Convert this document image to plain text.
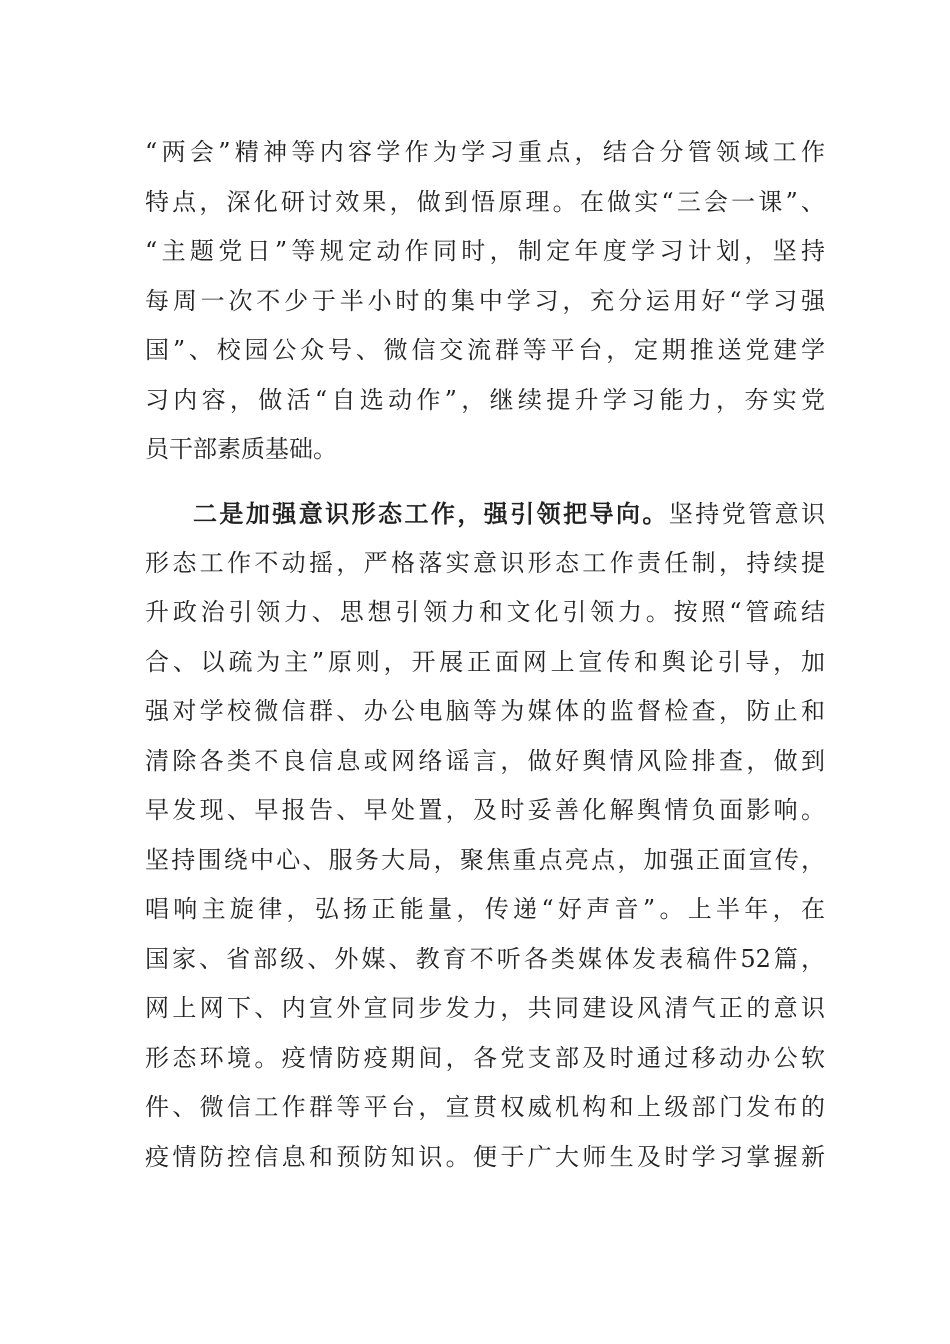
“两会”精神等内容学作为学习重点，结合分管领域工作
特点，深化研讨效果，做到悟原理。在做实“三会一课”、
“主题党日”等规定动作同时，制定年度学习计划，坚持
每周一次不少于半小时的集中学习，充分运用好“学习强
国”、校园公众号、微信交流群等平台，定期推送党建学
习内容，做活“自选动作”，继续提升学习能力，夯实党
员干部素质基础。
二是加强意识形态工作，强引领把导向。坚持党管意识
形态工作不动摇，严格落实意识形态工作责任制，持续提
升政治引领力、思想引领力和文化引领力。按照“管疏结
合、以疏为主”原则，开展正面网上宣传和舆论引导，加
强对学校微信群、办公电脑等为媒体的监督检查，防止和
清除各类不良信息或网络谣言，做好舆情风险排查，做到
早发现、早报告、早处置，及时妥善化解舆情负面影响。
坚持围绕中心、服务大局，聚焦重点亮点，加强正面宣传，
唱响主旋律，弘扬正能量，传递“好声音”。上半年，在
国家、省部级、外媒、教育不听各类媒体发表稿件52篇，
网上网下、内宣外宣同步发力，共同建设风清气正的意识
形态环境。疫情防疫期间，各党支部及时通过移动办公软
件、微信工作群等平台，宣贯权威机构和上级部门发布的
疫情防控信息和预防知识。便于广大师生及时学习掌握新
